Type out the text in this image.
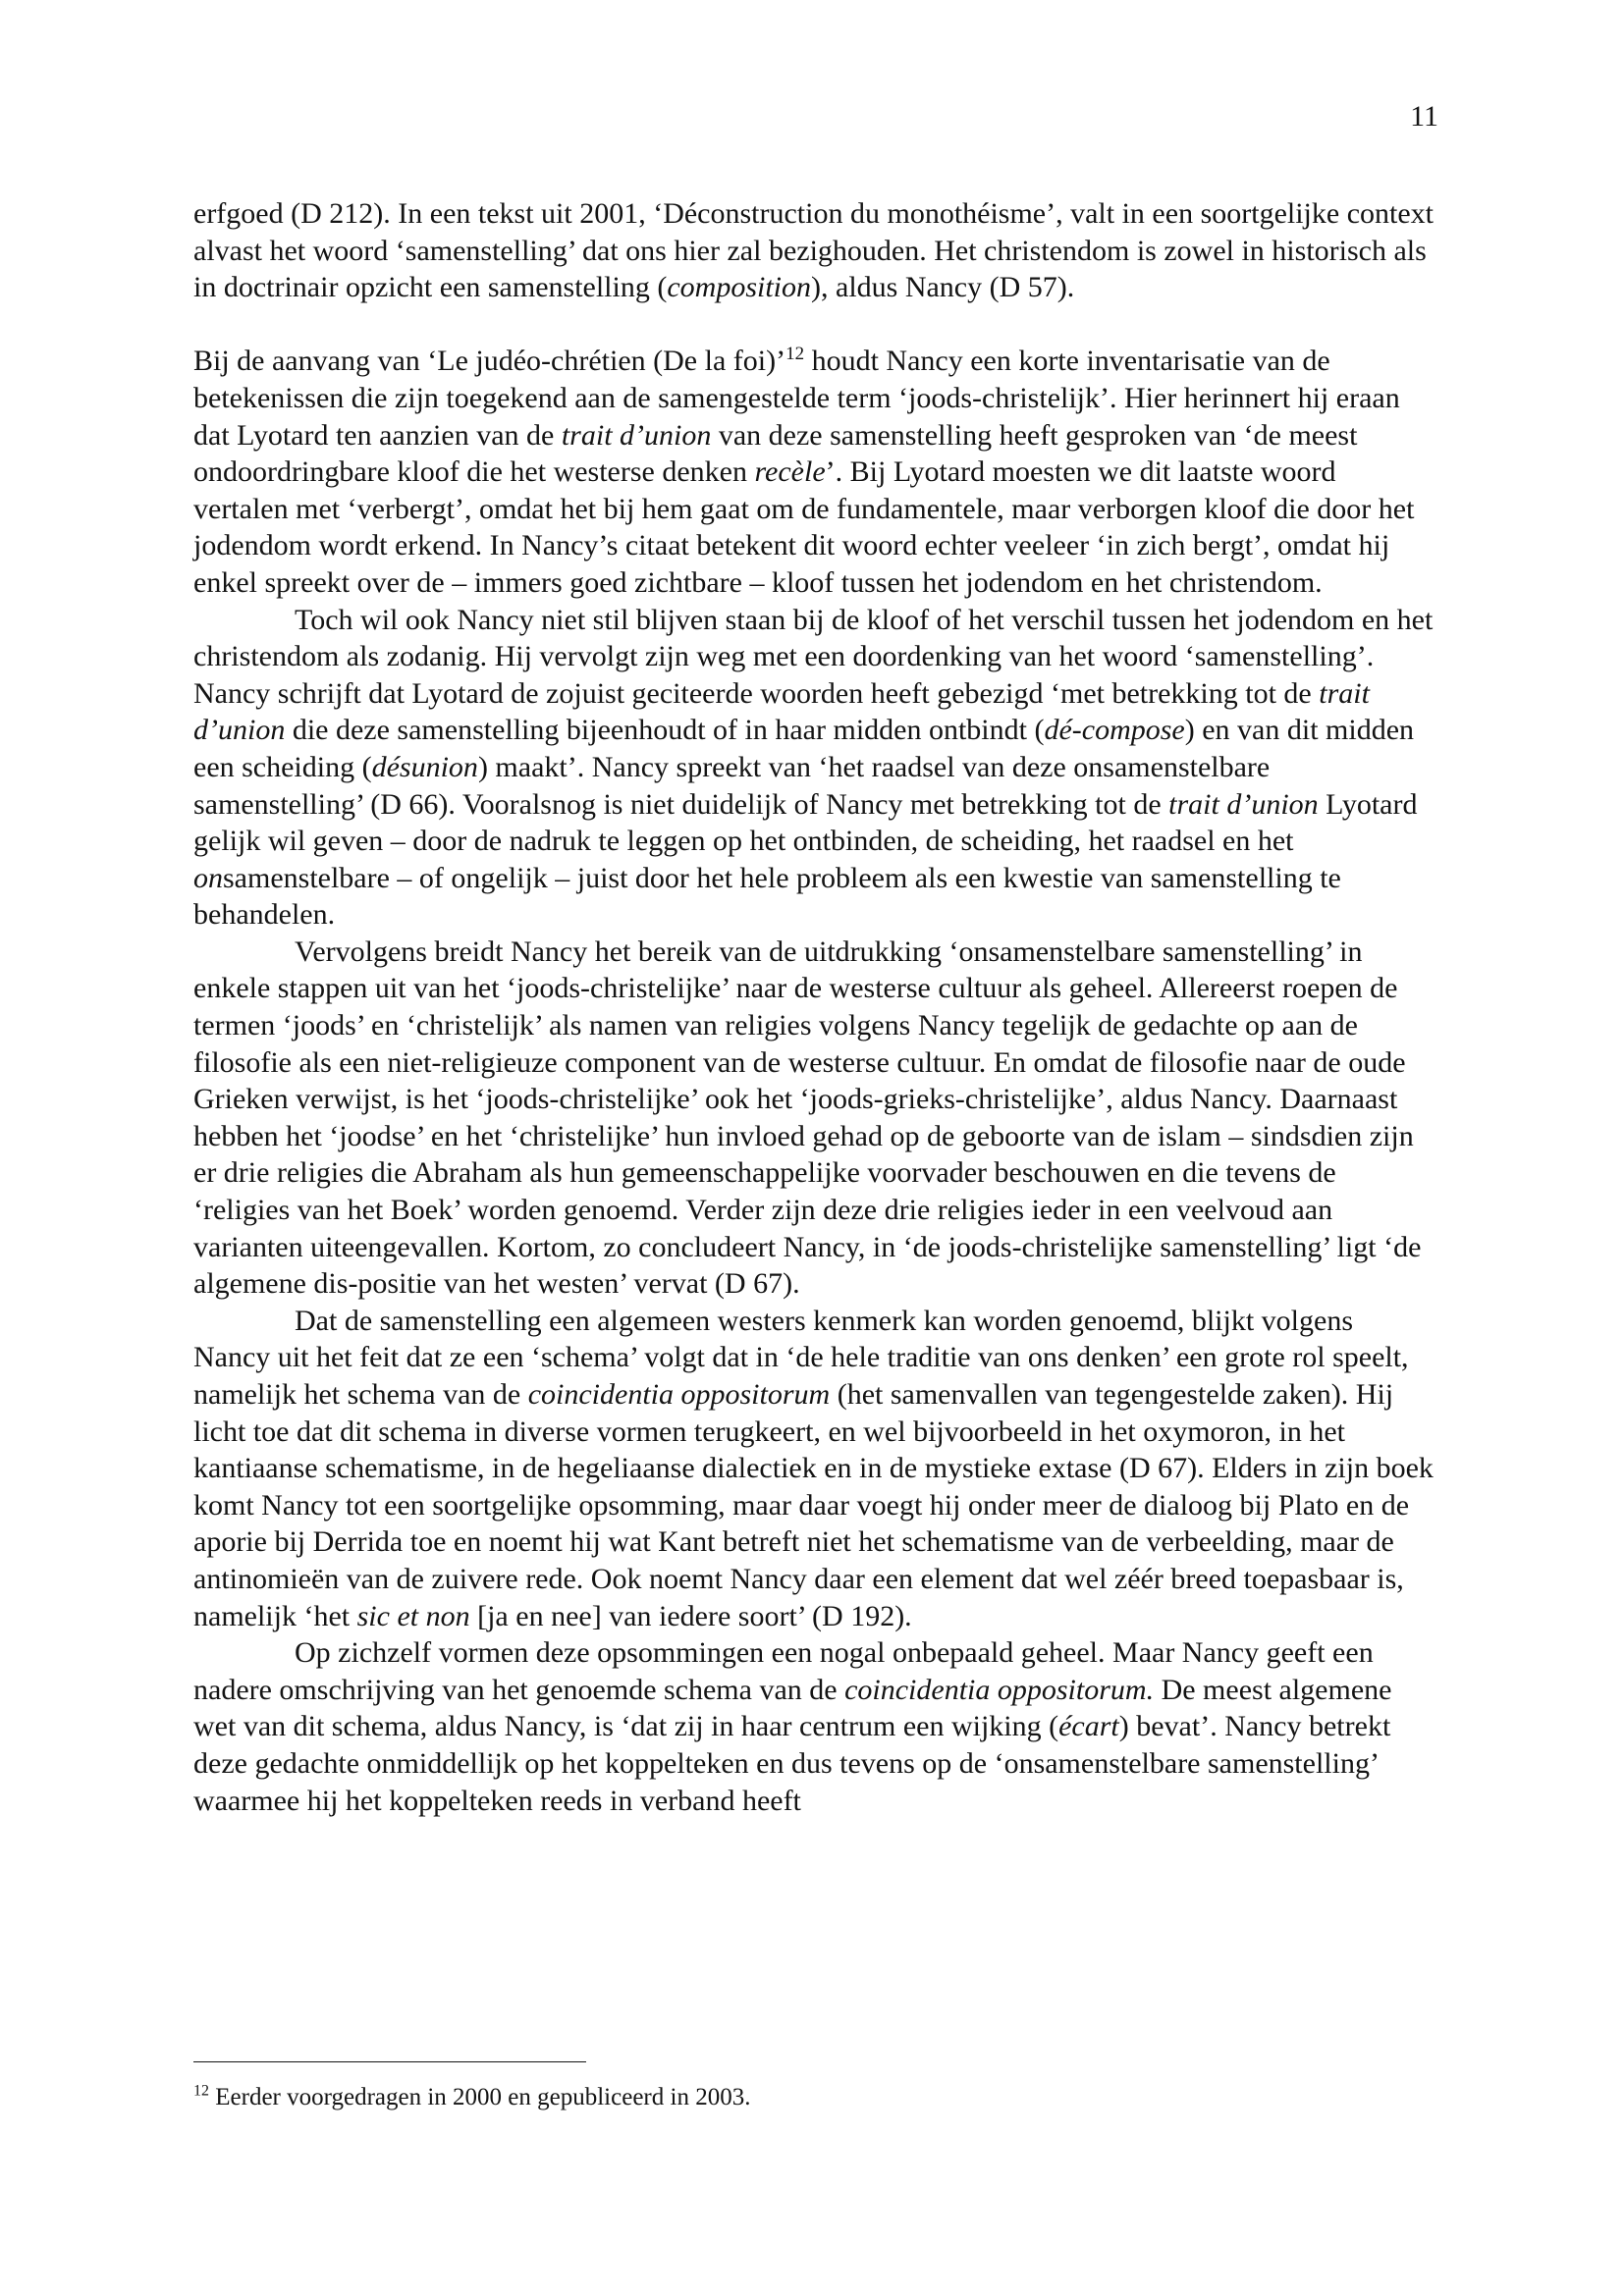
11

erfgoed (D 212). In een tekst uit 2001, ‘Déconstruction du monothéisme’, valt in een soortgelijke context alvast het woord ‘samenstelling’ dat ons hier zal bezighouden. Het christendom is zowel in historisch als in doctrinair opzicht een samenstelling (composition), aldus Nancy (D 57).

Bij de aanvang van ‘Le judéo-chrétien (De la foi)’$^{12}$ houdt Nancy een korte inventarisatie van de betekenissen die zijn toegekend aan de samengestelde term ‘joods-christelijk’. Hier herinnert hij eraan dat Lyotard ten aanzien van de trait d’union van deze samenstelling heeft gesproken van ‘de meest ondoordringbare kloof die het westerse denken recèle’. Bij Lyotard moesten we dit laatste woord vertalen met ‘verbergt’, omdat het bij hem gaat om de fundamentele, maar verborgen kloof die door het jodendom wordt erkend. In Nancy’s citaat betekent dit woord echter veeleer ‘in zich bergt’, omdat hij enkel spreekt over de – immers goed zichtbare – kloof tussen het jodendom en het christendom.

Toch wil ook Nancy niet stil blijven staan bij de kloof of het verschil tussen het jodendom en het christendom als zodanig. Hij vervolgt zijn weg met een doordenking van het woord ‘samenstelling’. Nancy schrijft dat Lyotard de zojuist geciteerde woorden heeft gebezigd ‘met betrekking tot de trait d’union die deze samenstelling bijeenhoudt of in haar midden ontbindt (dé-compose) en van dit midden een scheiding (désunion) maakt’. Nancy spreekt van ‘het raadsel van deze onsamenstelbare samenstelling’ (D 66). Vooralsnog is niet duidelijk of Nancy met betrekking tot de trait d’union Lyotard gelijk wil geven – door de nadruk te leggen op het ontbinden, de scheiding, het raadsel en het onsamenstelbare – of ongelijk – juist door het hele probleem als een kwestie van samenstelling te behandelen.

Vervolgens breidt Nancy het bereik van de uitdrukking ‘onsamenstelbare samenstelling’ in enkele stappen uit van het ‘joods-christelijke’ naar de westerse cultuur als geheel. Allereerst roepen de termen ‘joods’ en ‘christelijk’ als namen van religies volgens Nancy tegelijk de gedachte op aan de filosofie als een niet-religieuze component van de westerse cultuur. En omdat de filosofie naar de oude Grieken verwijst, is het ‘joods-christelijke’ ook het ‘joods-grieks-christelijke’, aldus Nancy. Daarnaast hebben het ‘joodse’ en het ‘christelijke’ hun invloed gehad op de geboorte van de islam – sindsdien zijn er drie religies die Abraham als hun gemeenschappelijke voorvader beschouwen en die tevens de ‘religies van het Boek’ worden genoemd. Verder zijn deze drie religies ieder in een veelvoud aan varianten uiteengevallen. Kortom, zo concludeert Nancy, in ‘de joods-christelijke samenstelling’ ligt ‘de algemene dis-positie van het westen’ vervat (D 67).

Dat de samenstelling een algemeen westers kenmerk kan worden genoemd, blijkt volgens Nancy uit het feit dat ze een ‘schema’ volgt dat in ‘de hele traditie van ons denken’ een grote rol speelt, namelijk het schema van de coincidentia oppositorum (het samenvallen van tegengestelde zaken). Hij licht toe dat dit schema in diverse vormen terugkeert, en wel bijvoorbeeld in het oxymoron, in het kantiaanse schematisme, in de hegeliaanse dialectiek en in de mystieke extase (D 67). Elders in zijn boek komt Nancy tot een soortgelijke opsomming, maar daar voegt hij onder meer de dialoog bij Plato en de aporie bij Derrida toe en noemt hij wat Kant betreft niet het schematisme van de verbeelding, maar de antinomieën van de zuivere rede. Ook noemt Nancy daar een element dat wel zéér breed toepasbaar is, namelijk ‘het sic et non [ja en nee] van iedere soort’ (D 192).

Op zichzelf vormen deze opsommingen een nogal onbepaald geheel. Maar Nancy geeft een nadere omschrijving van het genoemde schema van de coincidentia oppositorum. De meest algemene wet van dit schema, aldus Nancy, is ‘dat zij in haar centrum een wijking (écart) bevat’. Nancy betrekt deze gedachte onmiddellijk op het koppelteken en dus tevens op de ‘onsamenstelbare samenstelling’ waarmee hij het koppelteken reeds in verband heeft

$^{12}$ Eerder voorgedragen in 2000 en gepubliceerd in 2003.
